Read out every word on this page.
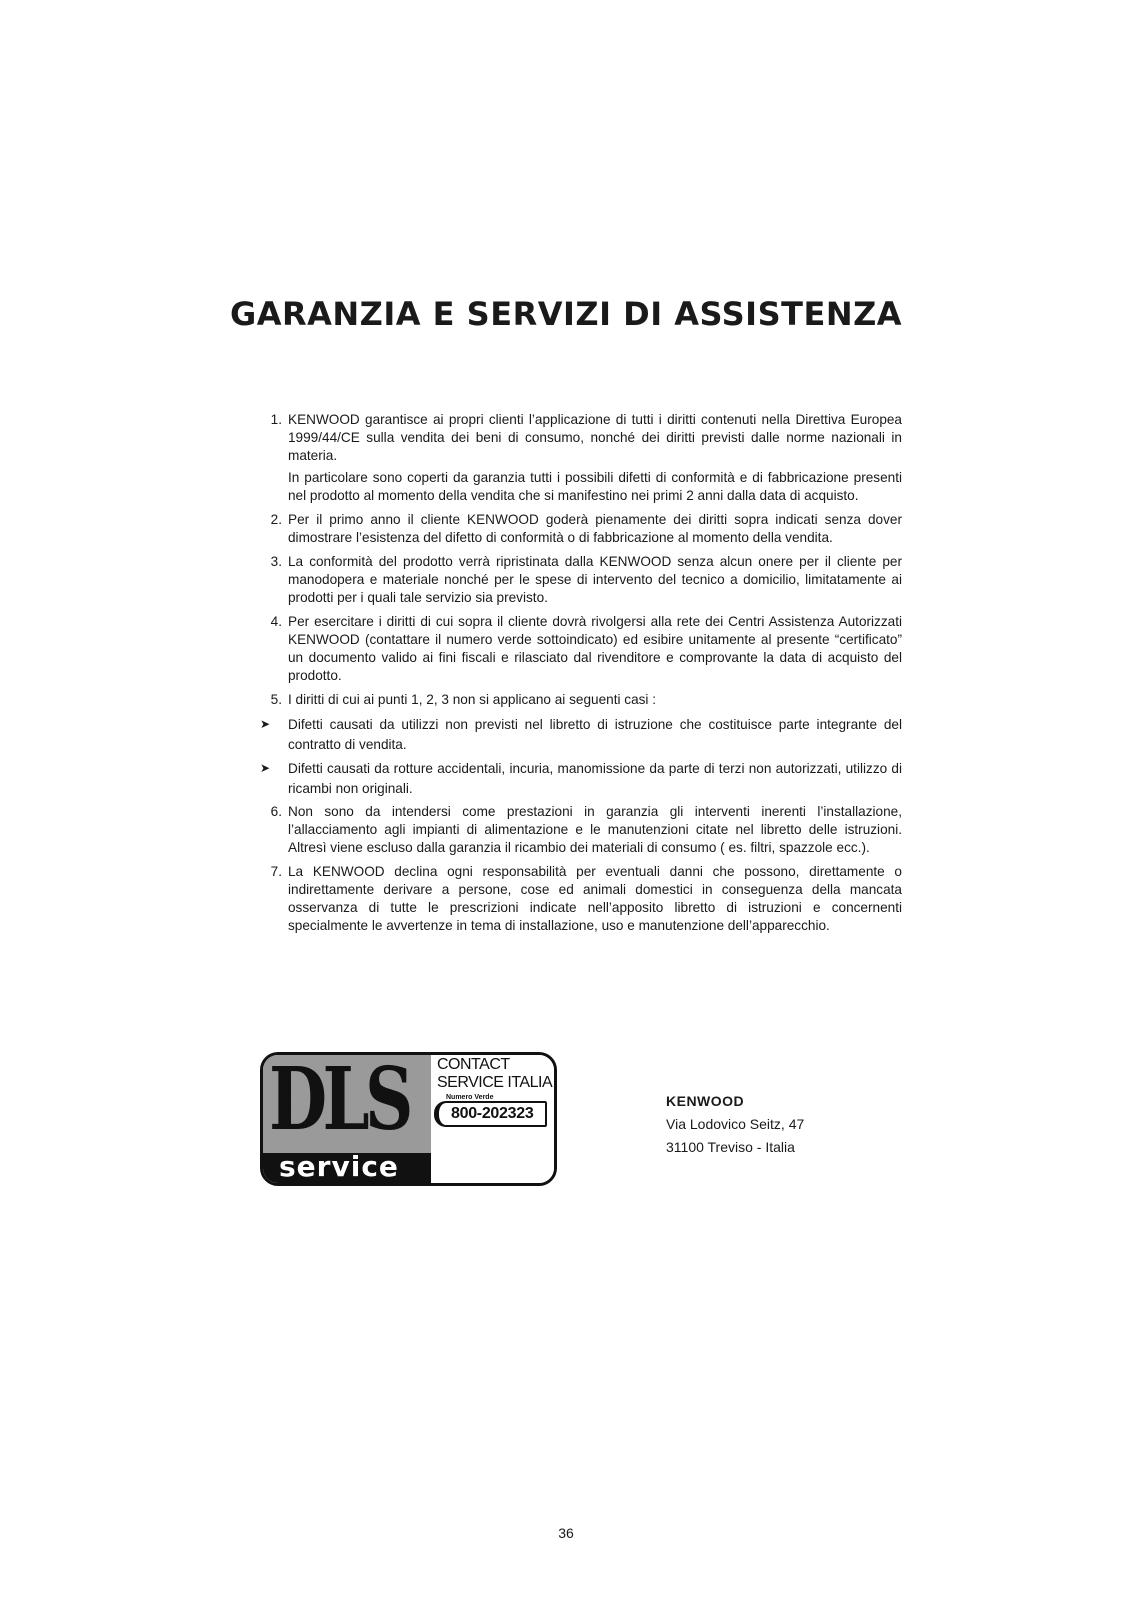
GARANZIA E SERVIZI DI ASSISTENZA
1. KENWOOD garantisce ai propri clienti l’applicazione di tutti i diritti contenuti nella Direttiva Europea 1999/44/CE sulla vendita dei beni di consumo, nonché dei diritti previsti dalle norme nazionali in materia.

In particolare sono coperti da garanzia tutti i possibili difetti di conformità e di fabbricazione presenti nel prodotto al momento della vendita che si manifestino nei primi 2 anni dalla data di acquisto.

2. Per il primo anno il cliente KENWOOD goderà pienamente dei diritti sopra indicati senza dover dimostrare l’esistenza del difetto di conformità o di fabbricazione al momento della vendita.

3. La conformità del prodotto verrà ripristinata dalla KENWOOD senza alcun onere per il cliente per manodopera e materiale nonché per le spese di intervento del tecnico a domicilio, limitatamente ai prodotti per i quali tale servizio sia previsto.

4. Per esercitare i diritti di cui sopra il cliente dovrà rivolgersi alla rete dei Centri Assistenza Autorizzati KENWOOD (contattare il numero verde sottoindicato) ed esibire unitamente al presente “certificato” un documento valido ai fini fiscali e rilasciato dal rivenditore e comprovante la data di acquisto del prodotto.

5. I diritti di cui ai punti 1, 2, 3 non si applicano ai seguenti casi :

➤	Difetti causati da utilizzi non previsti nel libretto di istruzione che costituisce parte integrante del contratto di vendita.

➤	Difetti causati da rotture accidentali, incuria, manomissione da parte di terzi non autorizzati, utilizzo di ricambi non originali.

6. Non sono da intendersi come prestazioni in garanzia gli interventi inerenti l’installazione, l’allacciamento agli impianti di alimentazione e le manutenzioni citate nel libretto delle istruzioni. Altresì viene escluso dalla garanzia il ricambio dei materiali di consumo ( es. filtri, spazzole ecc.).

7. La KENWOOD declina ogni responsabilità per eventuali danni che possono, direttamente o indirettamente derivare a persone, cose ed animali domestici in conseguenza della mancata osservanza di tutte le prescrizioni indicate nell’apposito libretto di istruzioni e concernenti specialmente le avvertenze in tema di installazione, uso e manutenzione dell’apparecchio.

DLS
service
CONTACT
SERVICE ITALIA
Numero Verde
800-202323
KENWOOD
Via Lodovico Seitz, 47
31100 Treviso - Italia
36
